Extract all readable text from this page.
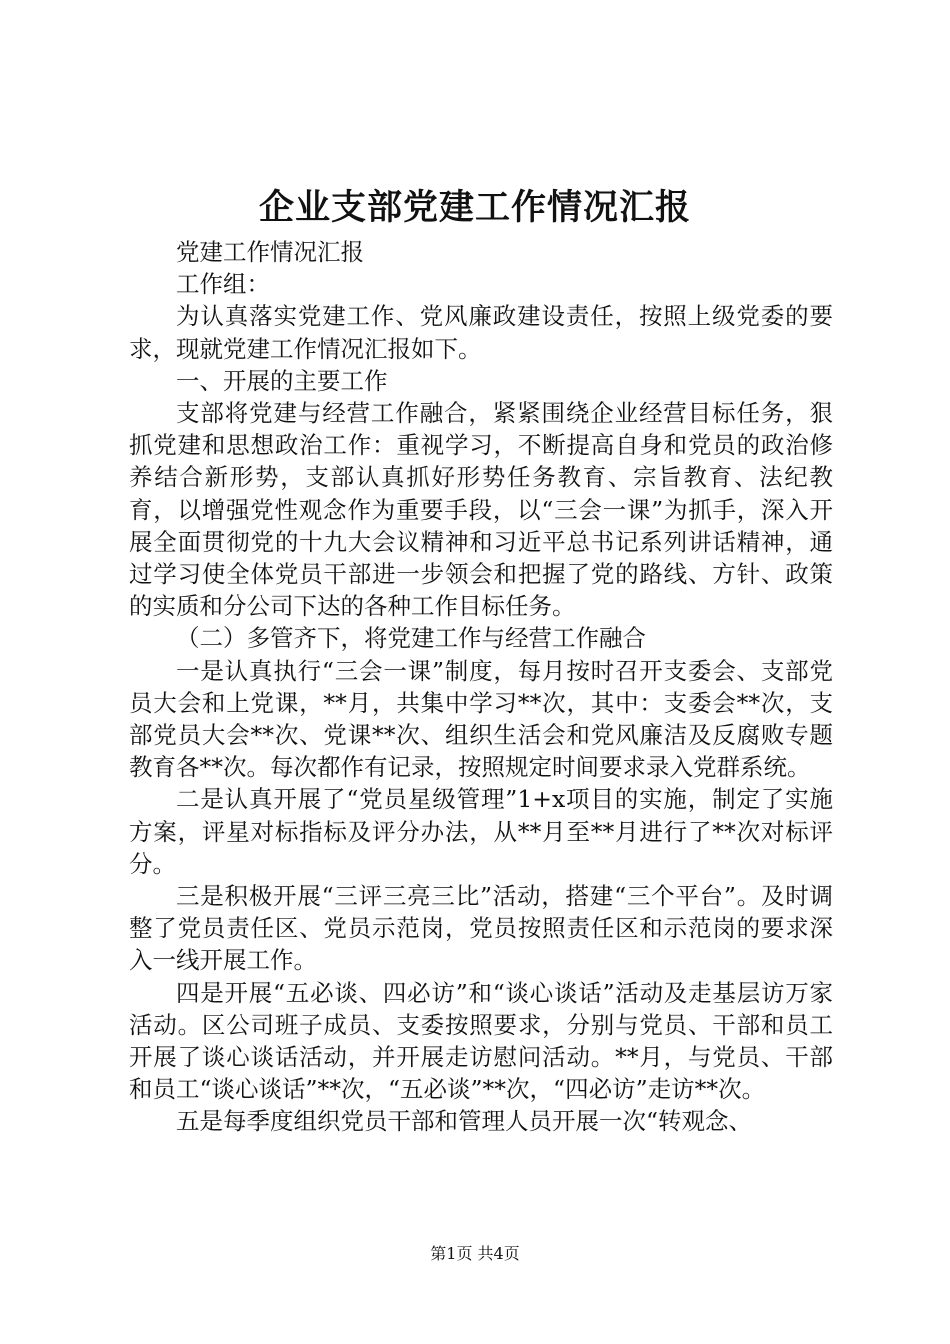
企业支部党建工作情况汇报

党建工作情况汇报

工作组：

为认真落实党建工作、党风廉政建设责任，按照上级党委的要求，现就党建工作情况汇报如下。

一、开展的主要工作

支部将党建与经营工作融合，紧紧围绕企业经营目标任务，狠抓党建和思想政治工作：重视学习，不断提高自身和党员的政治修养结合新形势，支部认真抓好形势任务教育、宗旨教育、法纪教育，以增强党性观念作为重要手段，以“三会一课”为抓手，深入开展全面贯彻党的十九大会议精神和习近平总书记系列讲话精神，通过学习使全体党员干部进一步领会和把握了党的路线、方针、政策的实质和分公司下达的各种工作目标任务。

（二）多管齐下，将党建工作与经营工作融合

一是认真执行“三会一课”制度，每月按时召开支委会、支部党员大会和上党课，**月，共集中学习**次，其中：支委会**次，支部党员大会**次、党课**次、组织生活会和党风廉洁及反腐败专题教育各**次。每次都作有记录，按照规定时间要求录入党群系统。

二是认真开展了“党员星级管理”1+x项目的实施，制定了实施方案，评星对标指标及评分办法，从**月至**月进行了**次对标评分。

三是积极开展“三评三亮三比”活动，搭建“三个平台”。及时调整了党员责任区、党员示范岗，党员按照责任区和示范岗的要求深入一线开展工作。

四是开展“五必谈、四必访”和“谈心谈话”活动及走基层访万家活动。区公司班子成员、支委按照要求，分别与党员、干部和员工开展了谈心谈话活动，并开展走访慰问活动。**月，与党员、干部和员工“谈心谈话”**次，“五必谈”**次，“四必访”走访**次。

五是每季度组织党员干部和管理人员开展一次“转观念、

第1页 共4页
